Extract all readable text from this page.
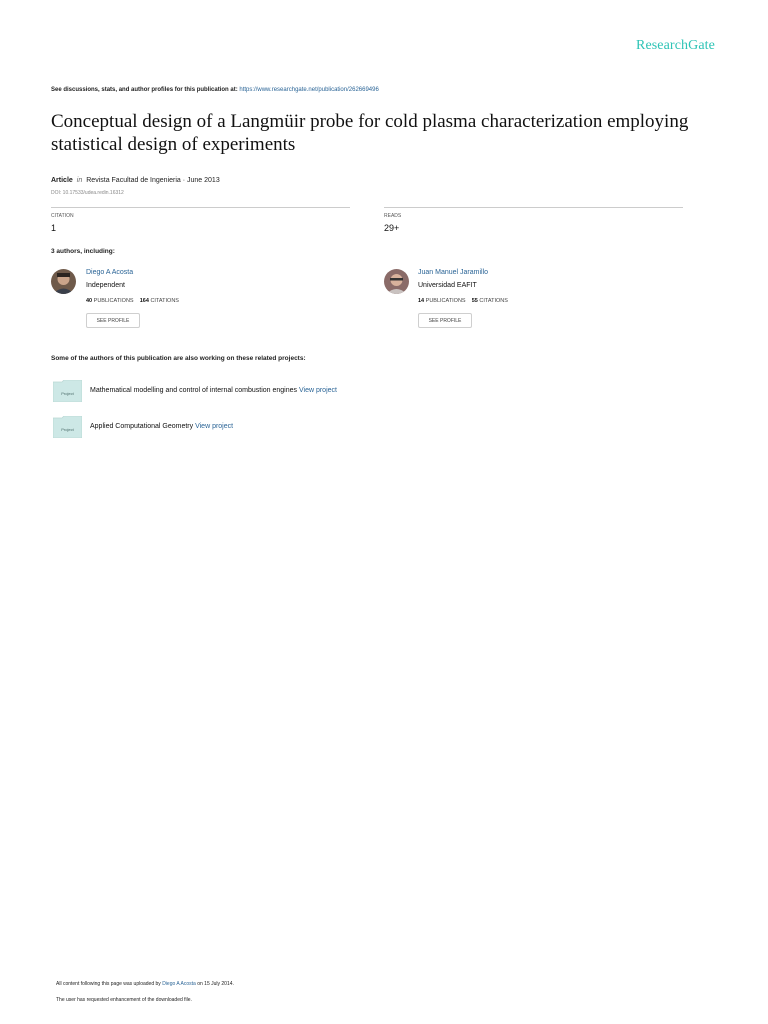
ResearchGate
See discussions, stats, and author profiles for this publication at: https://www.researchgate.net/publication/262669496
Conceptual design of a Langmüir probe for cold plasma characterization employing statistical design of experiments
Article in Revista Facultad de Ingenieria · June 2013
DOI: 10.17533/udea.redin.16312
CITATION
1
READS
29+
3 authors, including:
Diego A Acosta
Independent
40 PUBLICATIONS 164 CITATIONS
SEE PROFILE
Juan Manuel Jaramillo
Universidad EAFIT
14 PUBLICATIONS 55 CITATIONS
SEE PROFILE
Some of the authors of this publication are also working on these related projects:
Project Mathematical modelling and control of internal combustion engines View project
Project Applied Computational Geometry View project
All content following this page was uploaded by Diego A Acosta on 15 July 2014.
The user has requested enhancement of the downloaded file.
